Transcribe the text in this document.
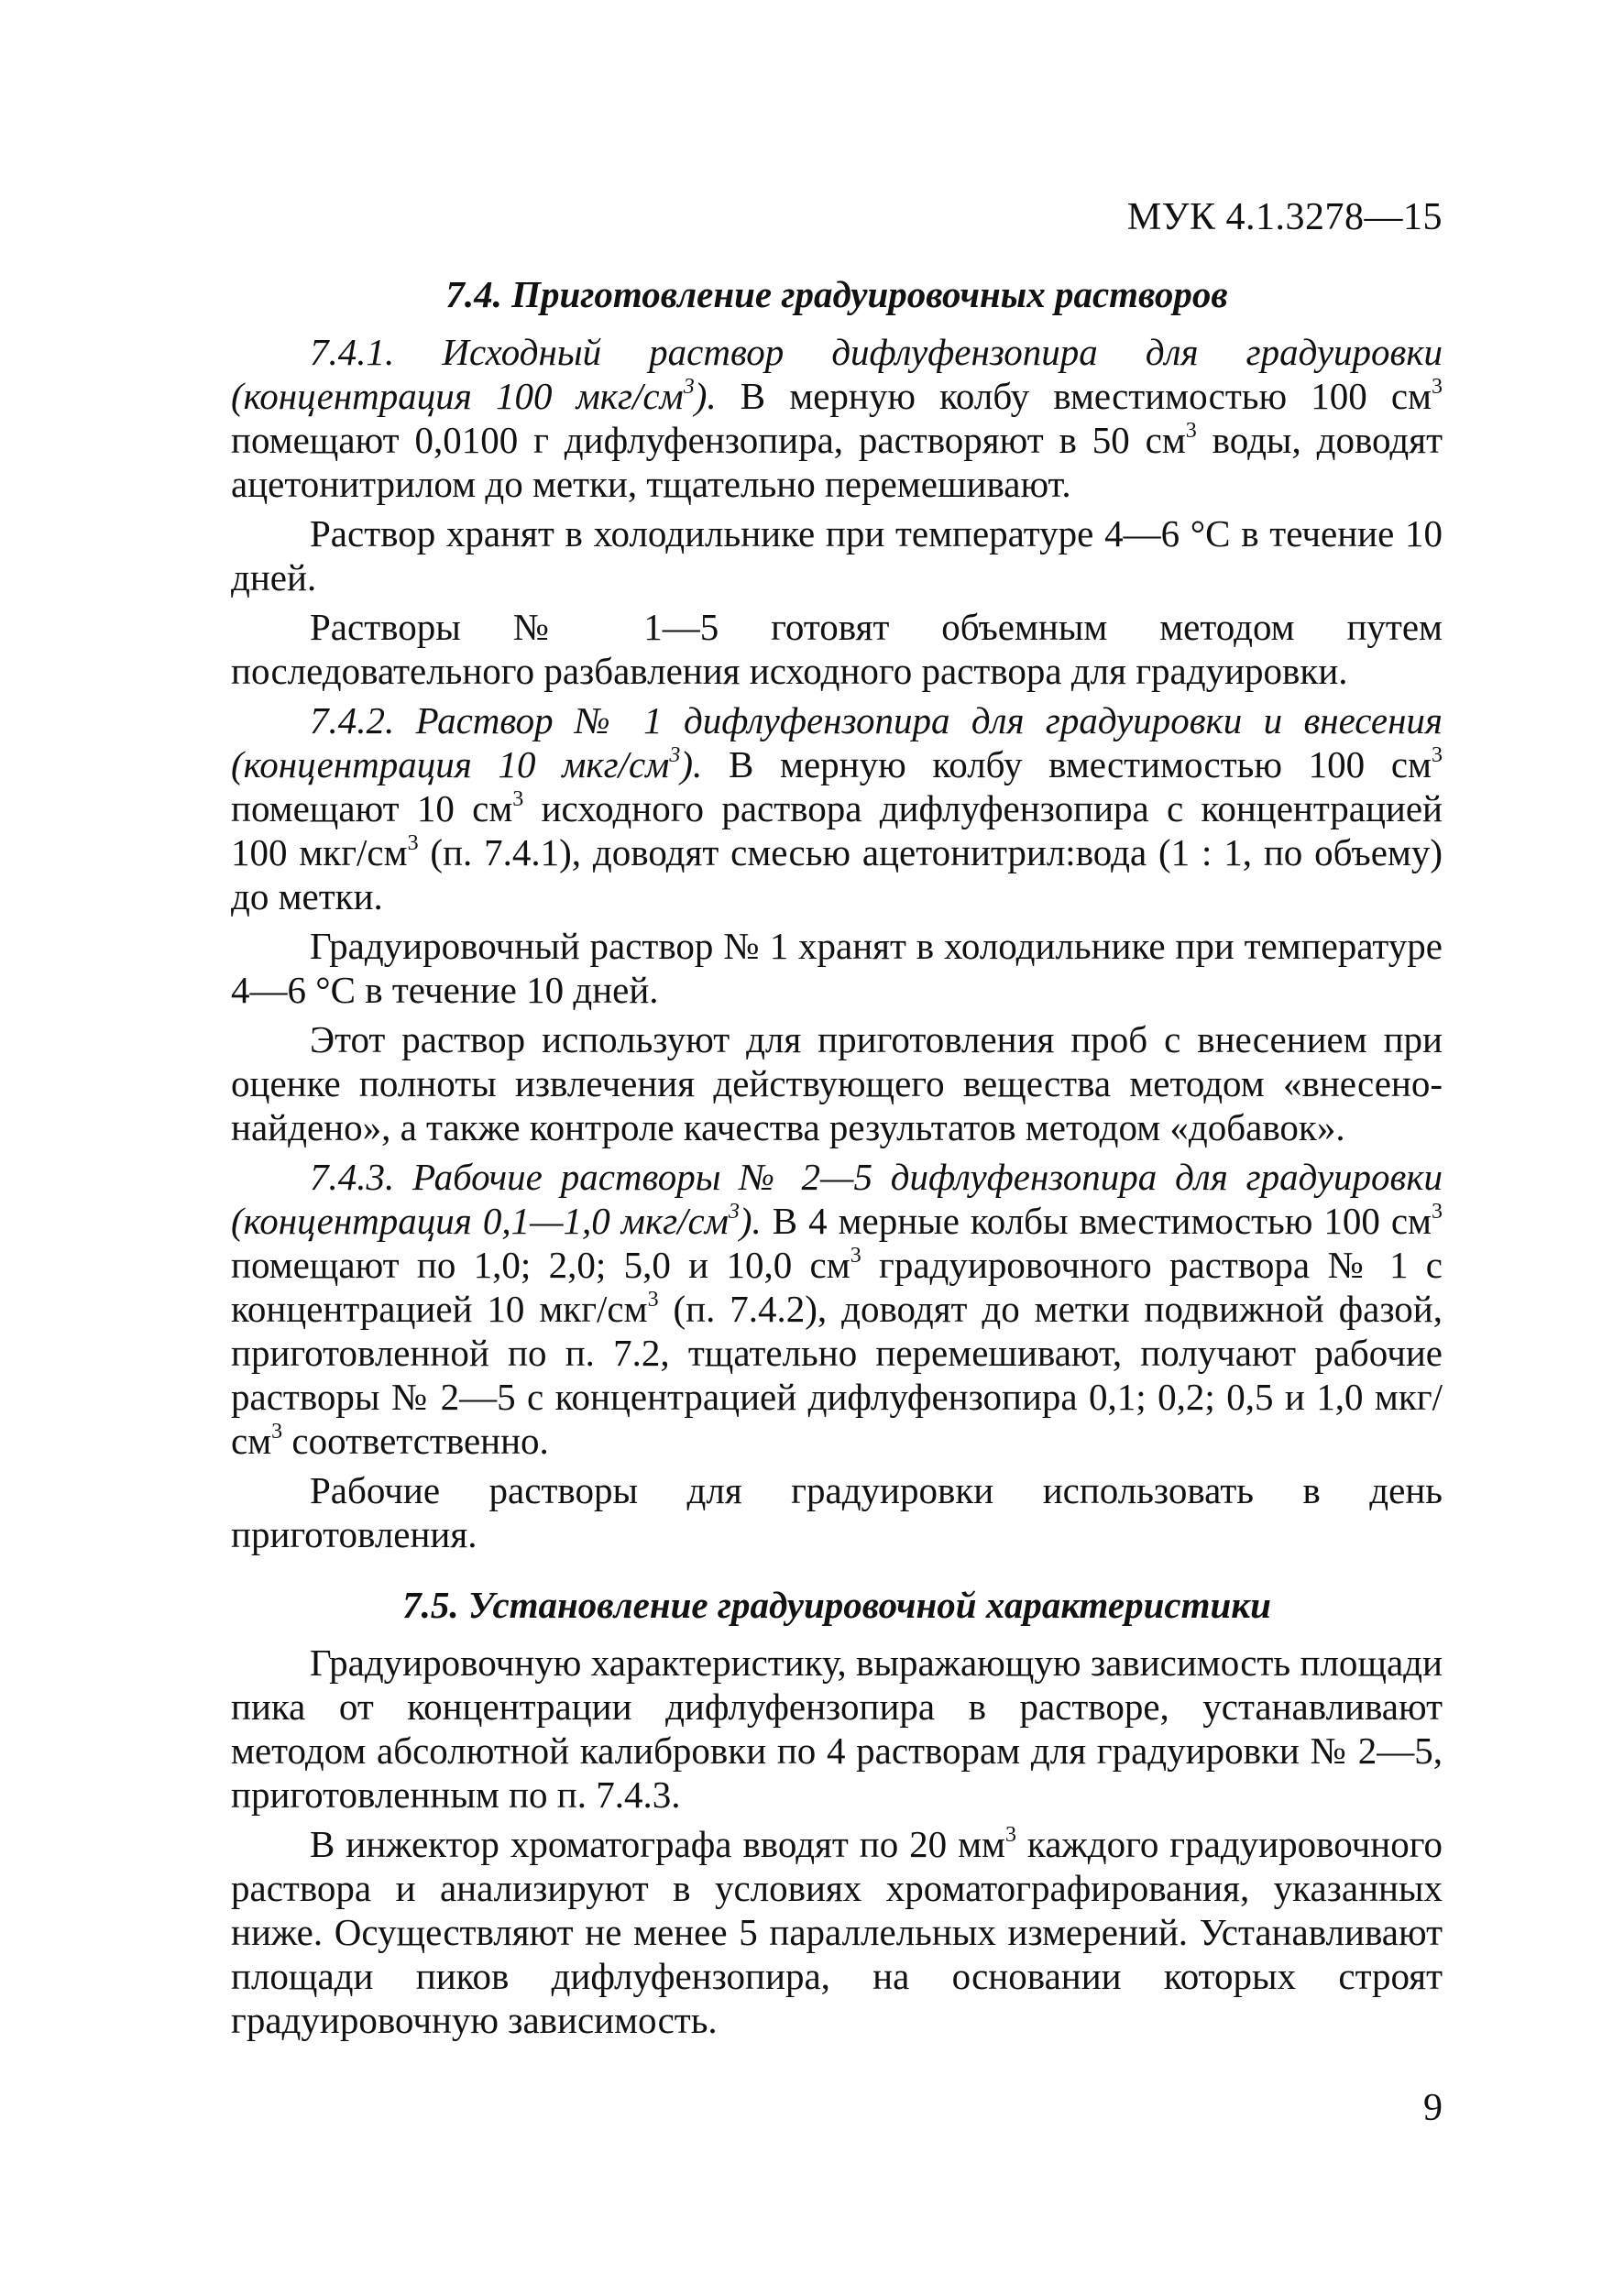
МУК 4.1.3278—15
7.4. Приготовление градуировочных растворов

7.4.1. Исходный раствор дифлуфензопира для градуировки (концентрация 100 мкг/$см^3$). В мерную колбу вместимостью 100 $см^3$ помещают 0,0100 г дифлуфензопира, растворяют в 50 $см^3$ воды, доводят ацетонитрилом до метки, тщательно перемешивают.

Раствор хранят в холодильнике при температуре 4—6 °С в течение 10 дней.

Растворы № 1—5 готовят объемным методом путем последовательного разбавления исходного раствора для градуировки.

7.4.2. Раствор № 1 дифлуфензопира для градуировки и внесения (концентрация 10 мкг/$см^3$). В мерную колбу вместимостью 100 $см^3$ помещают 10 $см^3$ исходного раствора дифлуфензопира с концентрацией 100 мкг/$см^3$ (п. 7.4.1), доводят смесью ацетонитрил:вода (1 : 1, по объему) до метки.

Градуировочный раствор № 1 хранят в холодильнике при температуре 4—6 °С в течение 10 дней.

Этот раствор используют для приготовления проб с внесением при оценке полноты извлечения действующего вещества методом «внесено-найдено», а также контроле качества результатов методом «добавок».

7.4.3. Рабочие растворы № 2—5 дифлуфензопира для градуировки (концентрация 0,1—1,0 мкг/$см^3$). В 4 мерные колбы вместимостью 100 $см^3$ помещают по 1,0; 2,0; 5,0 и 10,0 $см^3$ градуировочного раствора № 1 с концентрацией 10 мкг/$см^3$ (п. 7.4.2), доводят до метки подвижной фазой, приготовленной по п. 7.2, тщательно перемешивают, получают рабочие растворы № 2—5 с концентрацией дифлуфензопира 0,1; 0,2; 0,5 и 1,0 мкг/$см^3$ соответственно.

Рабочие растворы для градуировки использовать в день приготовления.

7.5. Установление градуировочной характеристики

Градуировочную характеристику, выражающую зависимость площади пика от концентрации дифлуфензопира в растворе, устанавливают методом абсолютной калибровки по 4 растворам для градуировки № 2—5, приготовленным по п. 7.4.3.

В инжектор хроматографа вводят по 20 $мм^3$ каждого градуировочного раствора и анализируют в условиях хроматографирования, указанных ниже. Осуществляют не менее 5 параллельных измерений. Устанавливают площади пиков дифлуфензопира, на основании которых строят градуировочную зависимость.

9
